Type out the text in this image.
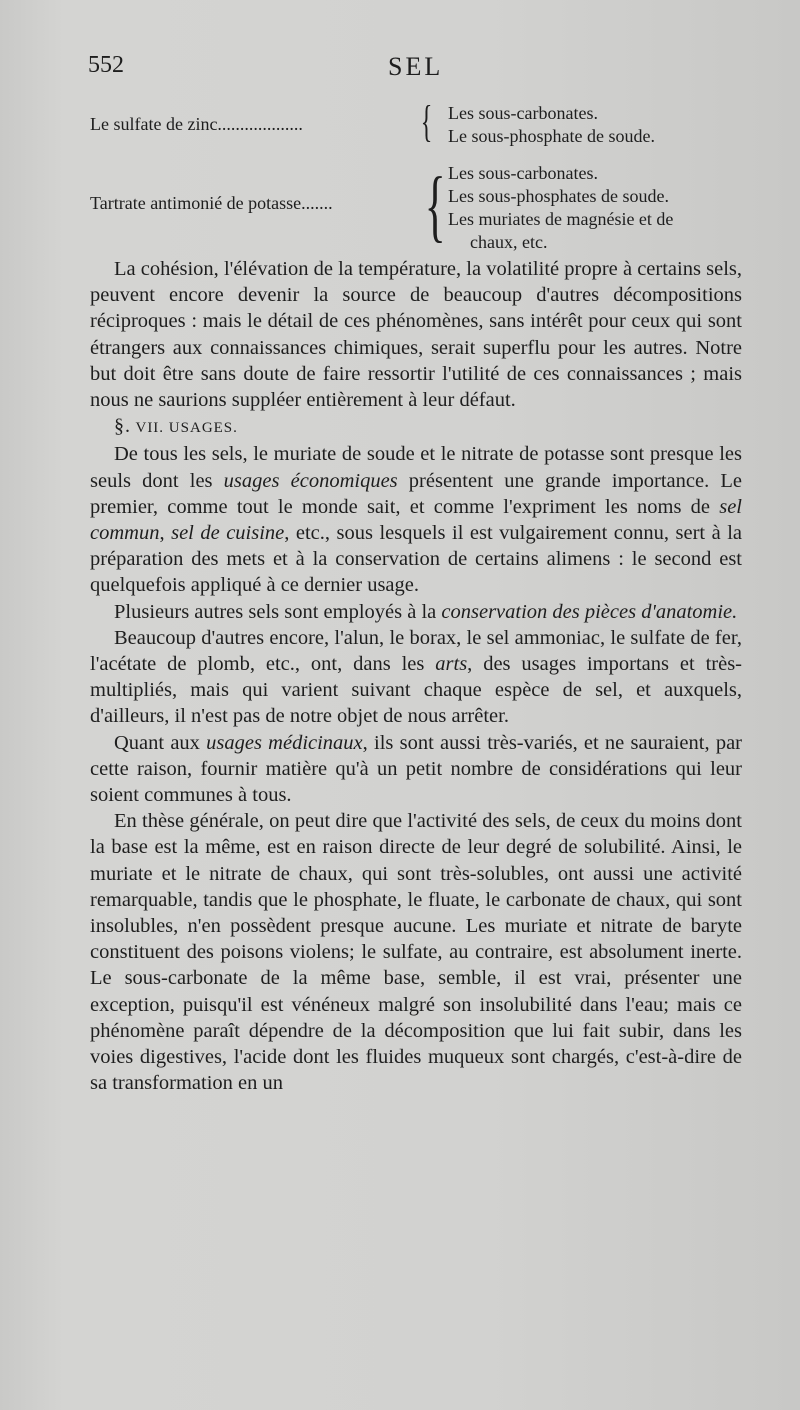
552	SEL
Le sulfate de zinc...................	{ Les sous-carbonates.
Le sous-phosphate de soude.
Tartrate antimonié de potasse....... { Les sous-carbonates.
Les sous-phosphates de soude.
Les muriates de magnésie et de
chaux, etc.

La cohésion, l'élévation de la température, la volatilité propre à certains sels, peuvent encore devenir la source de beaucoup d'autres décompositions réciproques : mais le détail de ces phénomènes, sans intérêt pour ceux qui sont étrangers aux connaissances chimiques, serait superflu pour les autres. Notre but doit être sans doute de faire ressortir l'utilité de ces connaissances ; mais nous ne saurions suppléer entièrement à leur défaut.

§. VII. USAGES.

De tous les sels, le muriate de soude et le nitrate de potasse sont presque les seuls dont les usages économiques présentent une grande importance. Le premier, comme tout le monde sait, et comme l'expriment les noms de sel commun, sel de cuisine, etc., sous lesquels il est vulgairement connu, sert à la préparation des mets et à la conservation de certains alimens : le second est quelquefois appliqué à ce dernier usage.

Plusieurs autres sels sont employés à la conservation des pièces d'anatomie.

Beaucoup d'autres encore, l'alun, le borax, le sel ammoniac, le sulfate de fer, l'acétate de plomb, etc., ont, dans les arts, des usages importans et très-multipliés, mais qui varient suivant chaque espèce de sel, et auxquels, d'ailleurs, il n'est pas de notre objet de nous arrêter.

Quant aux usages médicinaux, ils sont aussi très-variés, et ne sauraient, par cette raison, fournir matière qu'à un petit nombre de considérations qui leur soient communes à tous.

En thèse générale, on peut dire que l'activité des sels, de ceux du moins dont la base est la même, est en raison directe de leur degré de solubilité. Ainsi, le muriate et le nitrate de chaux, qui sont très-solubles, ont aussi une activité remarquable, tandis que le phosphate, le fluate, le carbonate de chaux, qui sont insolubles, n'en possèdent presque aucune. Les muriate et nitrate de baryte constituent des poisons violens; le sulfate, au contraire, est absolument inerte. Le sous-carbonate de la même base, semble, il est vrai, présenter une exception, puisqu'il est vénéneux malgré son insolubilité dans l'eau; mais ce phénomène paraît dépendre de la décomposition que lui fait subir, dans les voies digestives, l'acide dont les fluides muqueux sont chargés, c'est-à-dire de sa transformation en un
